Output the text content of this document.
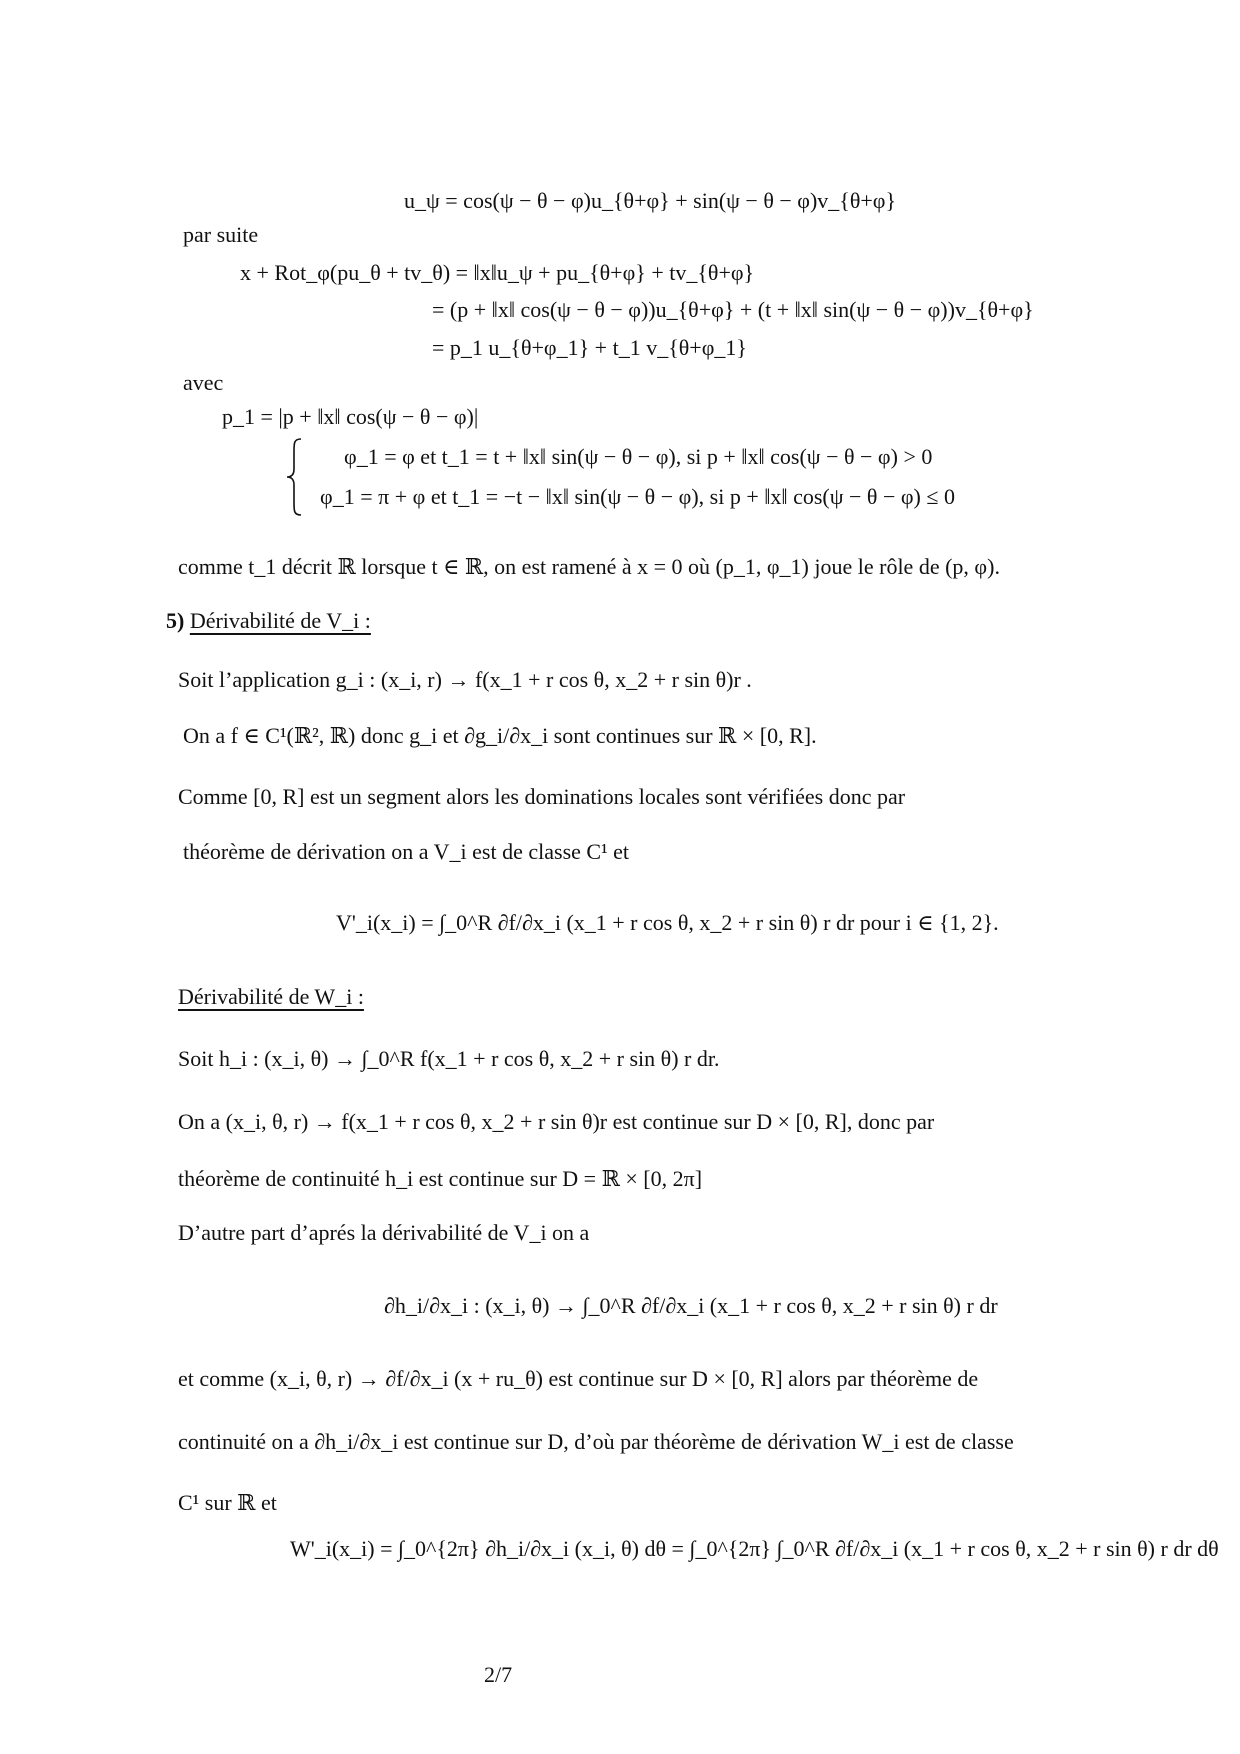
u_ψ = cos(ψ − θ − φ)u_{θ+φ} + sin(ψ − θ − φ)v_{θ+φ}
par suite
x + Rot_φ(pu_θ + tv_θ) = ‖x‖u_ψ + pu_{θ+φ} + tv_{θ+φ}
= (p + ‖x‖ cos(ψ − θ − φ))u_{θ+φ} + (t + ‖x‖ sin(ψ − θ − φ))v_{θ+φ}
= p_1 u_{θ+φ_1} + t_1 v_{θ+φ_1}
avec
p_1 = |p + ‖x‖ cos(ψ − θ − φ)|
φ_1 = φ et t_1 = t + ‖x‖ sin(ψ − θ − φ), si p + ‖x‖ cos(ψ − θ − φ) > 0
φ_1 = π + φ et t_1 = −t − ‖x‖ sin(ψ − θ − φ), si p + ‖x‖ cos(ψ − θ − φ) ≤ 0
comme t_1 décrit ℝ lorsque t ∈ ℝ, on est ramené à x = 0 où (p_1, φ_1) joue le rôle de (p, φ).
5) Dérivabilité de V_i :
Soit l’application g_i : (x_i, r) → f(x_1 + r cos θ, x_2 + r sin θ)r .
On a f ∈ C¹(ℝ², ℝ) donc g_i et ∂g_i/∂x_i sont continues sur ℝ × [0, R].
Comme [0, R] est un segment alors les dominations locales sont vérifiées donc par
théorème de dérivation on a V_i est de classe C¹ et
V'_i(x_i) = ∫_0^R ∂f/∂x_i (x_1 + r cos θ, x_2 + r sin θ) r dr pour i ∈ {1, 2}.
Dérivabilité de W_i :
Soit h_i : (x_i, θ) → ∫_0^R f(x_1 + r cos θ, x_2 + r sin θ) r dr.
On a (x_i, θ, r) → f(x_1 + r cos θ, x_2 + r sin θ)r est continue sur D × [0, R], donc par
théorème de continuité h_i est continue sur D = ℝ × [0, 2π]
D’autre part d’aprés la dérivabilité de V_i on a
∂h_i/∂x_i : (x_i, θ) → ∫_0^R ∂f/∂x_i (x_1 + r cos θ, x_2 + r sin θ) r dr
et comme (x_i, θ, r) → ∂f/∂x_i (x + ru_θ) est continue sur D × [0, R] alors par théorème de
continuité on a ∂h_i/∂x_i est continue sur D, d’où par théorème de dérivation W_i est de classe
C¹ sur ℝ et
W'_i(x_i) = ∫_0^{2π} ∂h_i/∂x_i (x_i, θ) dθ = ∫_0^{2π} ∫_0^R ∂f/∂x_i (x_1 + r cos θ, x_2 + r sin θ) r dr dθ
2/7
